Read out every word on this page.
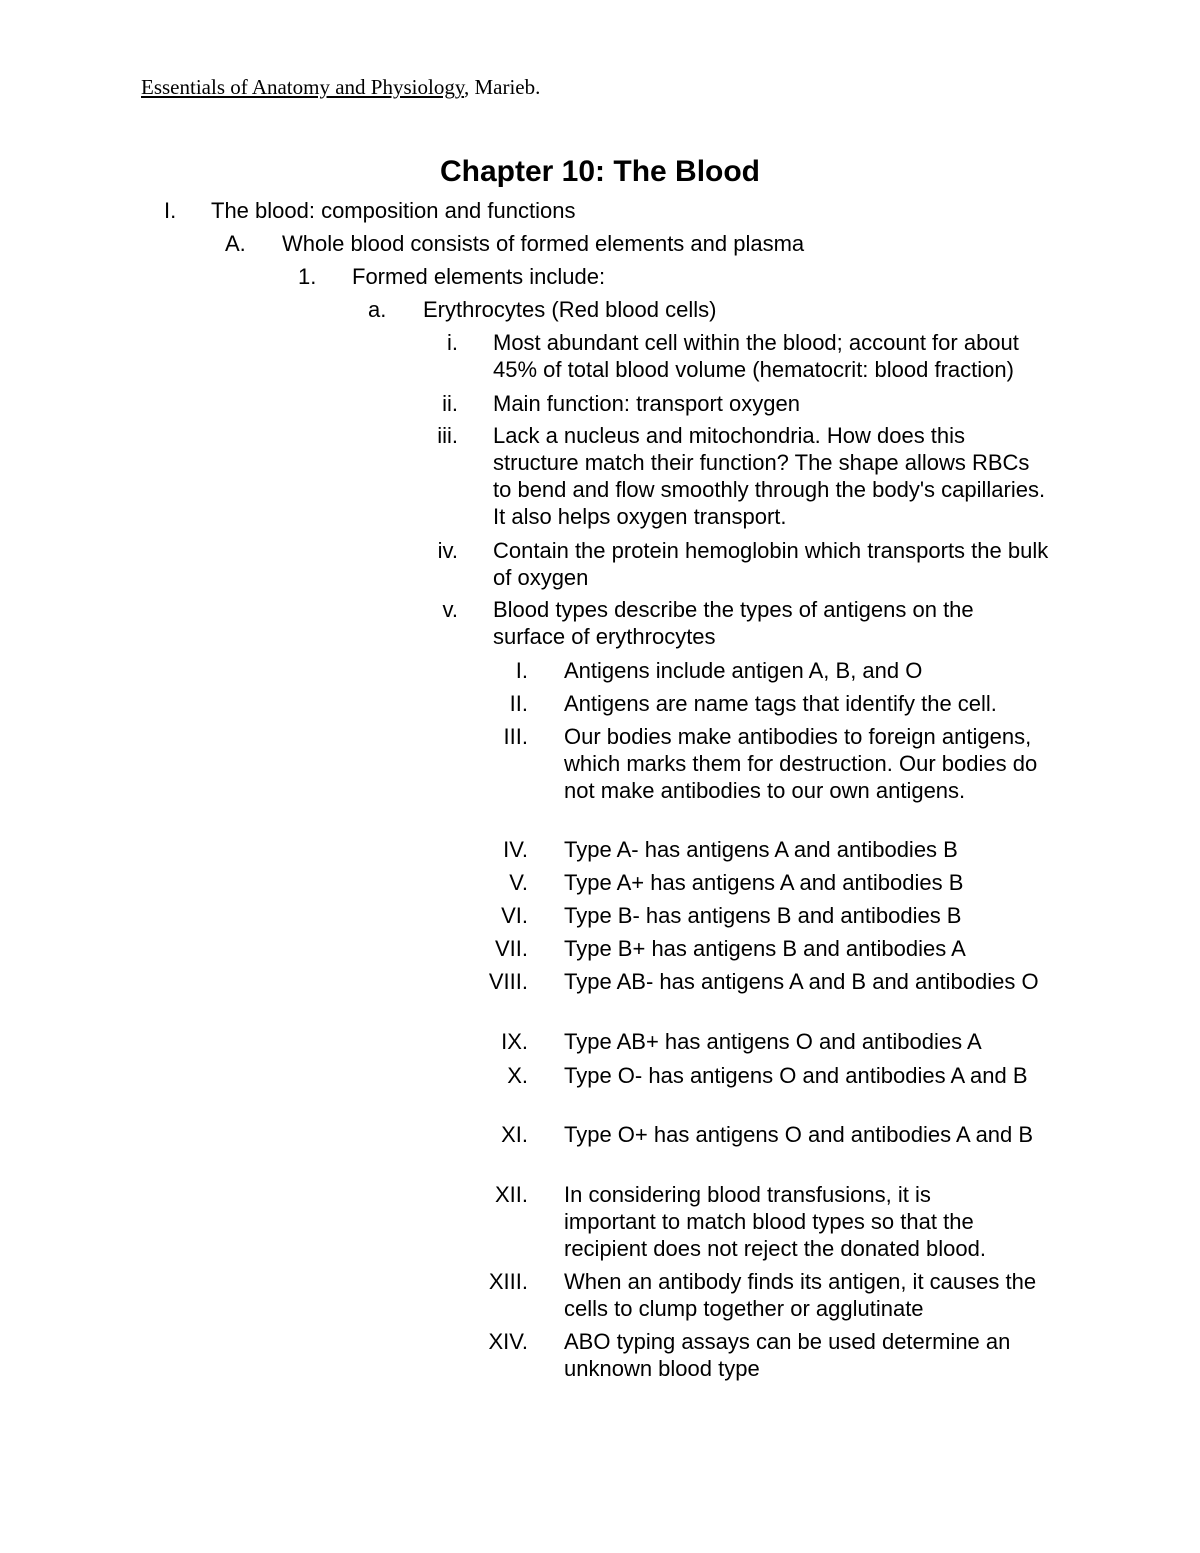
Essentials of Anatomy and Physiology, Marieb.
Chapter 10: The Blood
I. The blood: composition and functions
A. Whole blood consists of formed elements and plasma
1. Formed elements include:
a. Erythrocytes (Red blood cells)
i. Most abundant cell within the blood; account for about 45% of total blood volume (hematocrit: blood fraction)
ii. Main function: transport oxygen
iii. Lack a nucleus and mitochondria. How does this structure match their function? The shape allows RBCs to bend and flow smoothly through the body's capillaries. It also helps oxygen transport.
iv. Contain the protein hemoglobin which transports the bulk of oxygen
v. Blood types describe the types of antigens on the surface of erythrocytes
I. Antigens include antigen A, B, and O
II. Antigens are name tags that identify the cell.
III. Our bodies make antibodies to foreign antigens, which marks them for destruction. Our bodies do not make antibodies to our own antigens.
IV. Type A- has antigens A and antibodies B
V. Type A+ has antigens A and antibodies B
VI. Type B- has antigens B and antibodies B
VII. Type B+ has antigens B and antibodies A
VIII. Type AB- has antigens A and B and antibodies O
IX. Type AB+ has antigens O and antibodies A
X. Type O- has antigens O and antibodies A and B
XI. Type O+ has antigens O and antibodies A and B
XII. In considering blood transfusions, it is important to match blood types so that the recipient does not reject the donated blood.
XIII. When an antibody finds its antigen, it causes the cells to clump together or agglutinate
XIV. ABO typing assays can be used determine an unknown blood type
